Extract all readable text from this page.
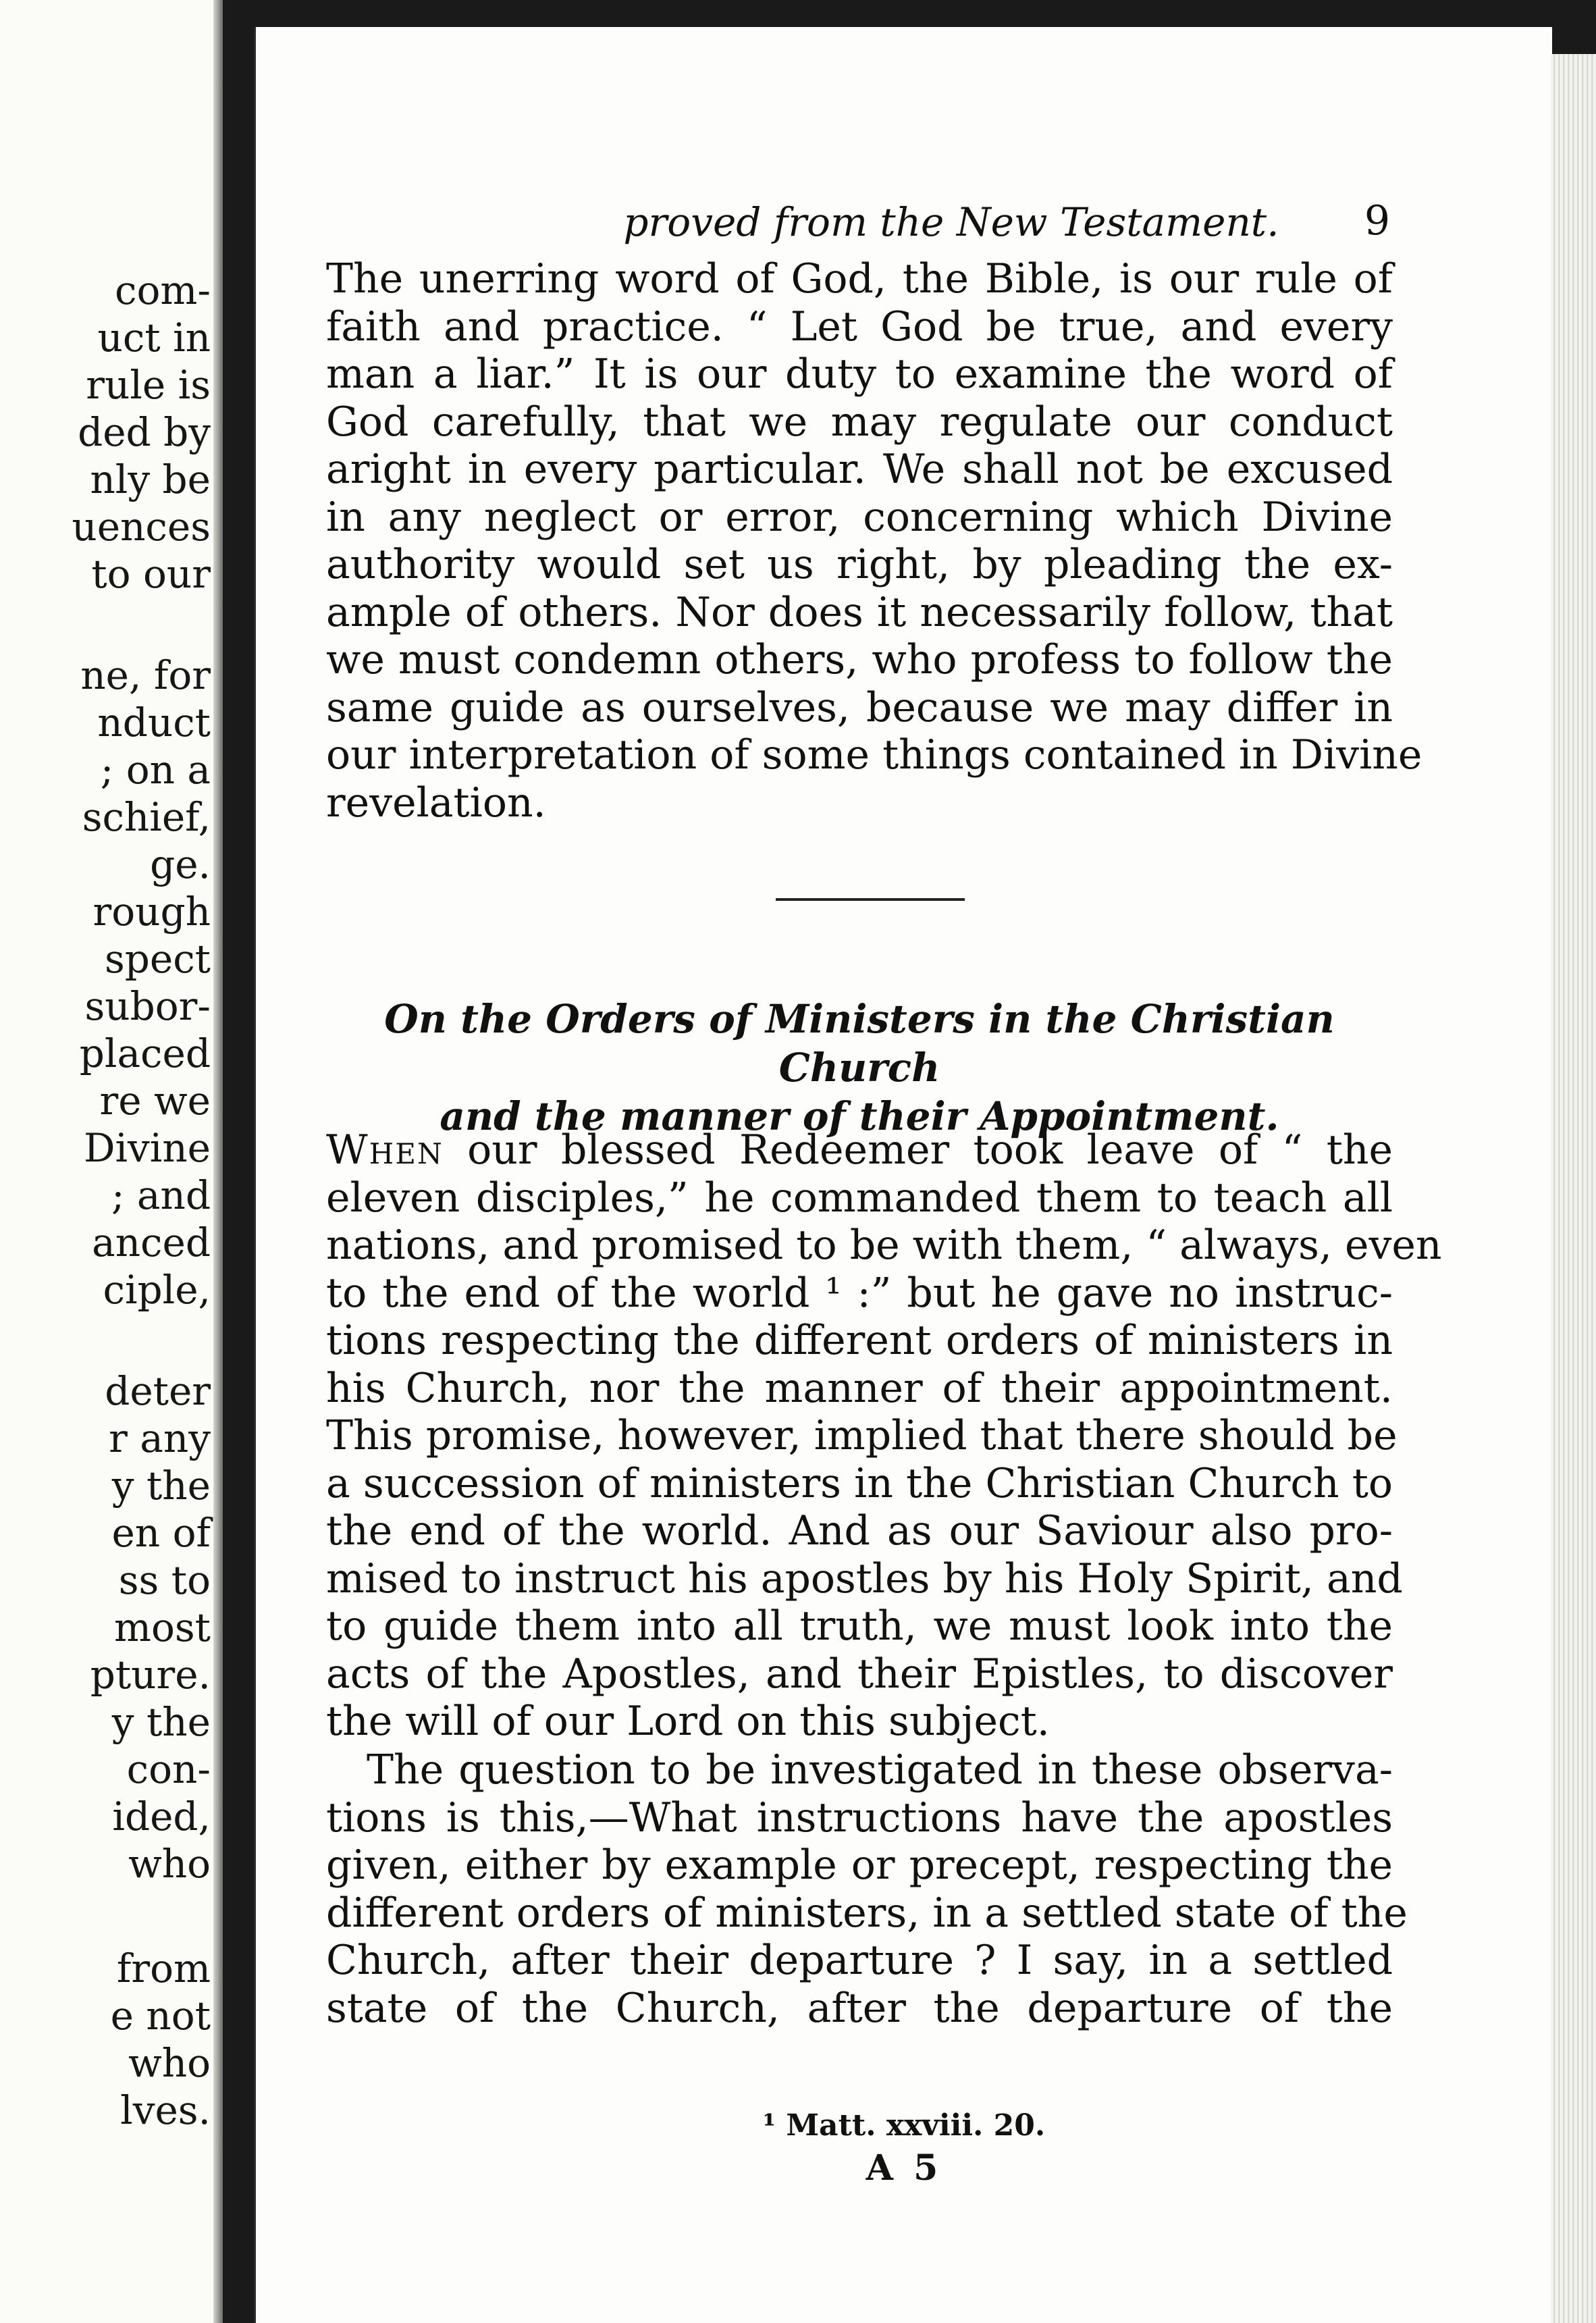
com-
uct in
rule is
ded by
nly be
uences
to our
ne, for
nduct
; on a
schief,
ge.
rough
spect
subor-
placed
re we
Divine
; and
anced
ciple,
deter
r any
y the
en of
ss to
most
pture.
y the
con-
ided,
who
from
e not
who
lves.
proved from the New Testament.	9
The unerring word of God, the Bible, is our rule of
faith and practice. “ Let God be true, and every
man a liar.” It is our duty to examine the word of
God carefully, that we may regulate our conduct
aright in every particular. We shall not be excused
in any neglect or error, concerning which Divine
authority would set us right, by pleading the ex-
ample of others. Nor does it necessarily follow, that
we must condemn others, who profess to follow the
same guide as ourselves, because we may differ in
our interpretation of some things contained in Divine
revelation.
On the Orders of Ministers in the Christian Church
and the manner of their Appointment.
When our blessed Redeemer took leave of “ the
eleven disciples,” he commanded them to teach all
nations, and promised to be with them, “ always, even
to the end of the world ¹ :” but he gave no instruc-
tions respecting the different orders of ministers in
his Church, nor the manner of their appointment.
This promise, however, implied that there should be
a succession of ministers in the Christian Church to
the end of the world. And as our Saviour also pro-
mised to instruct his apostles by his Holy Spirit, and
to guide them into all truth, we must look into the
acts of the Apostles, and their Epistles, to discover
the will of our Lord on this subject.
The question to be investigated in these observa-
tions is this,—What instructions have the apostles
given, either by example or precept, respecting the
different orders of ministers, in a settled state of the
Church, after their departure ? I say, in a settled
state of the Church, after the departure of the
¹ Matt. xxviii. 20.
A 5
